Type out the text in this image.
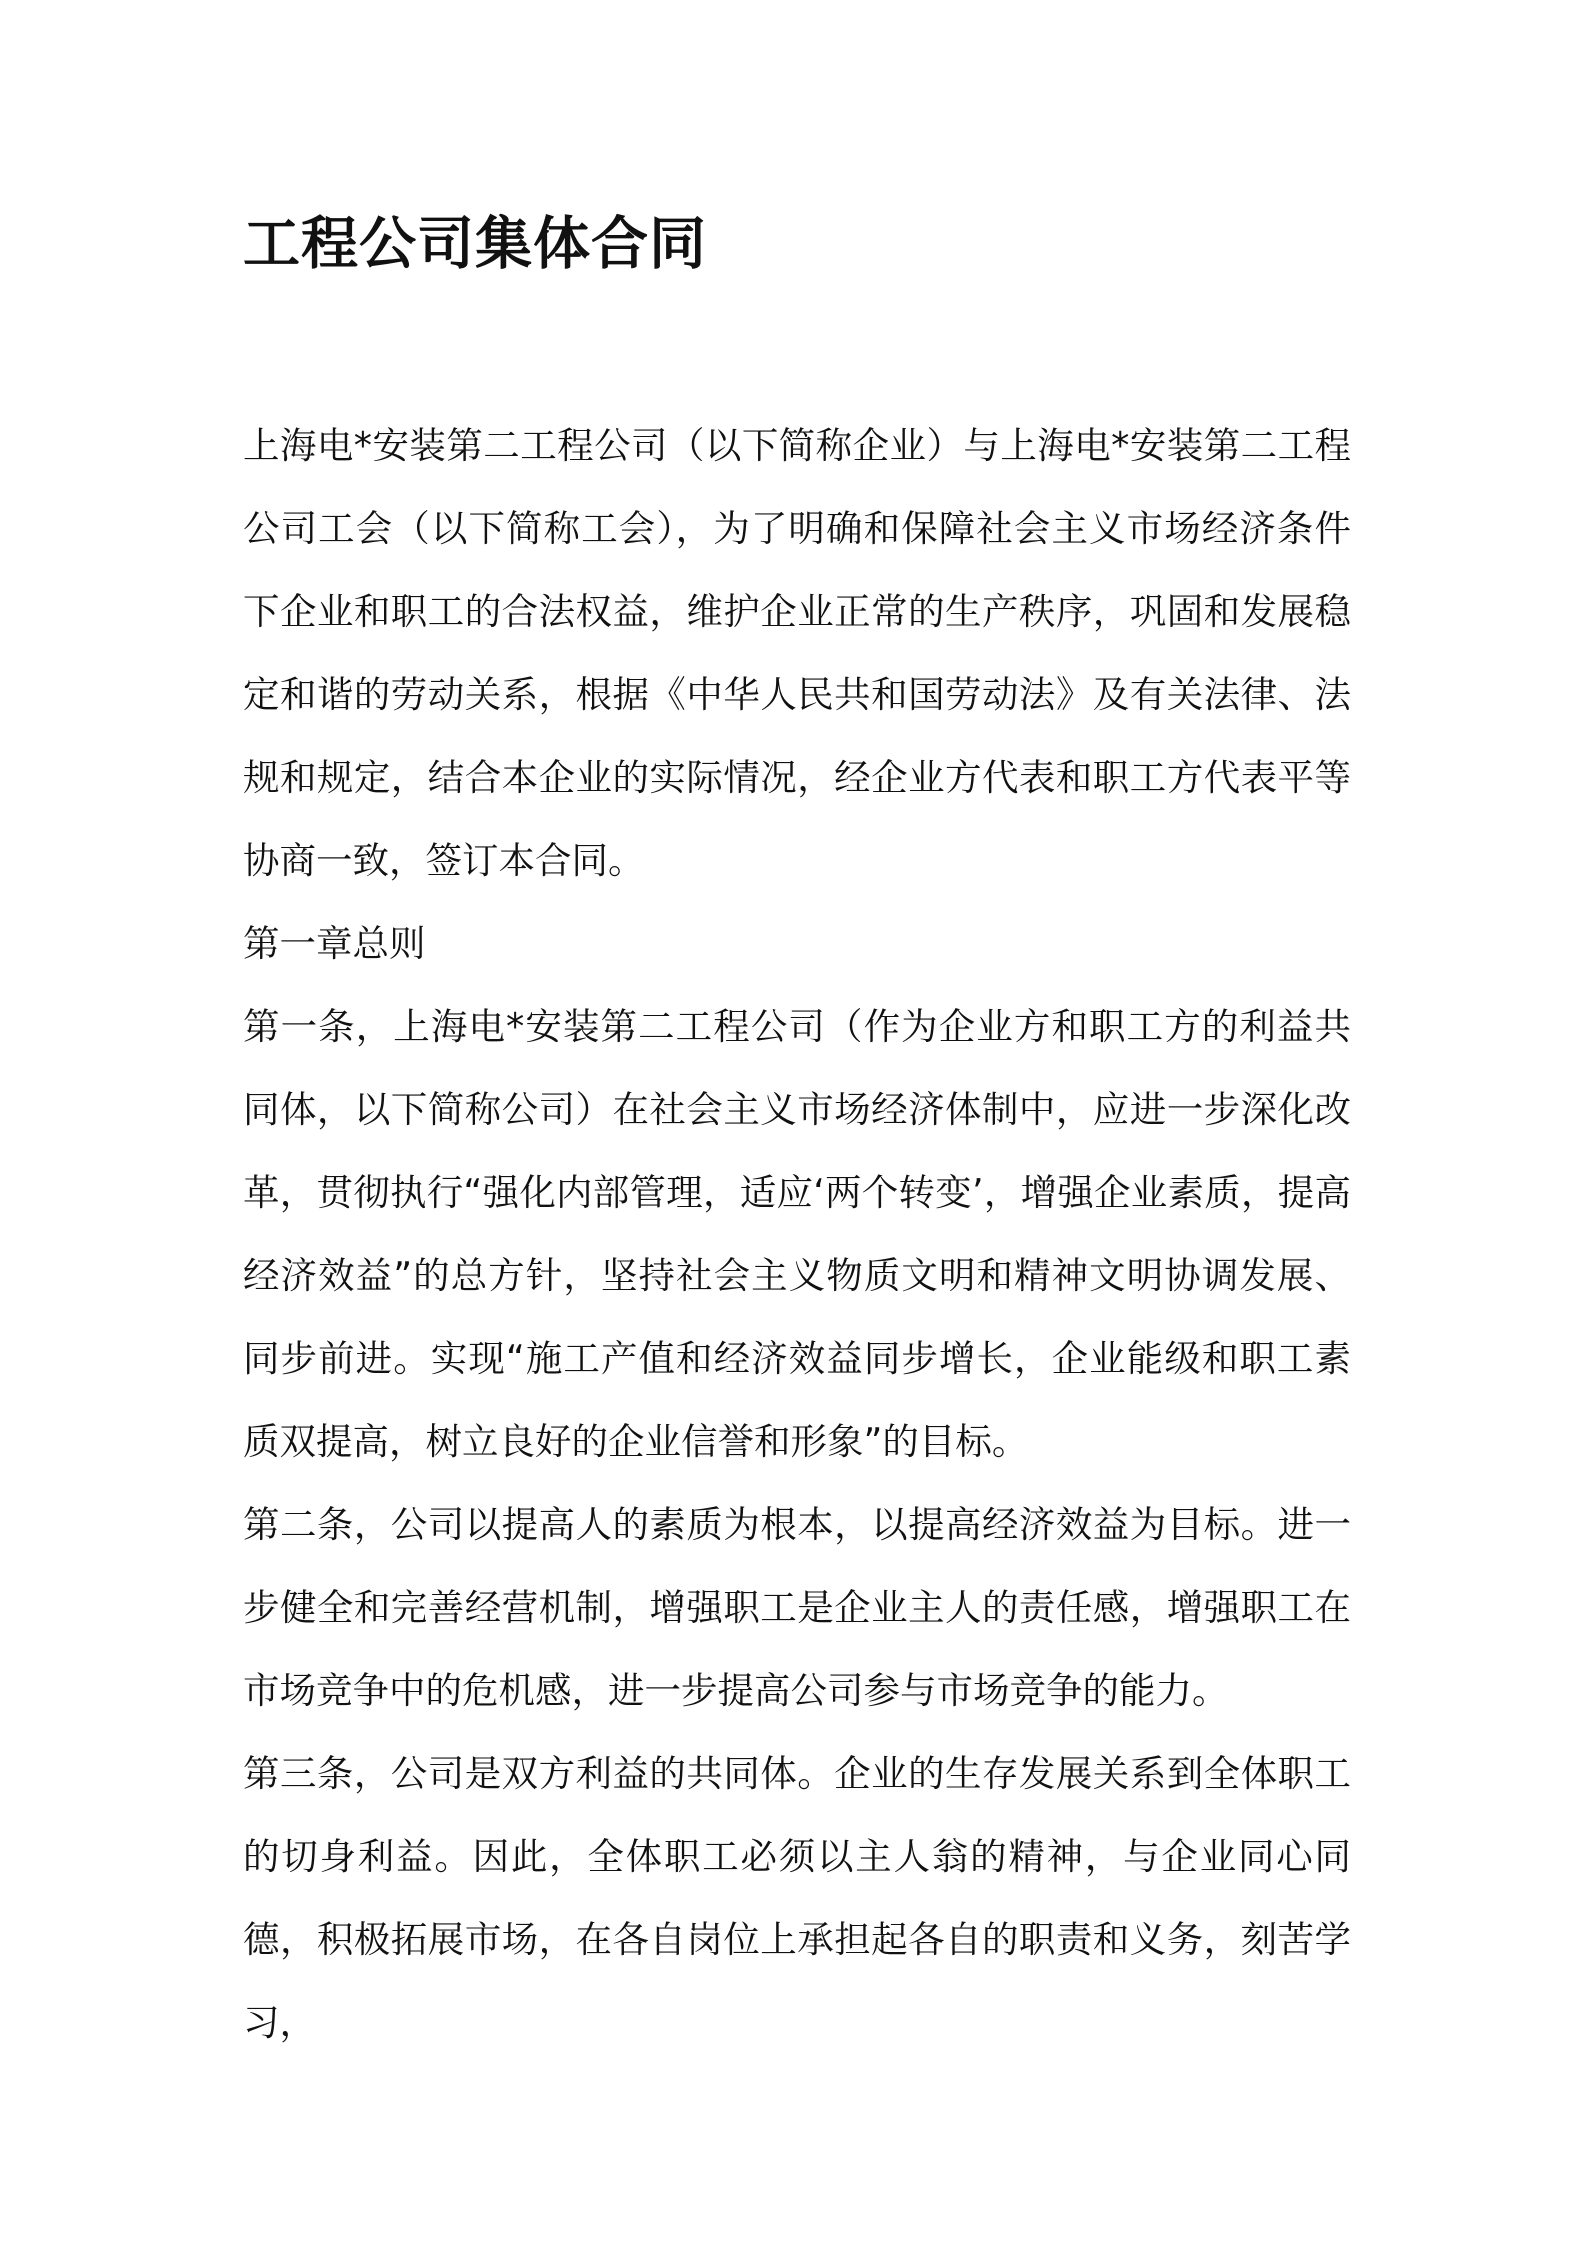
工程公司集体合同

上海电*安装第二工程公司（以下简称企业）与上海电*安装第二工程公司工会（以下简称工会），为了明确和保障社会主义市场经济条件下企业和职工的合法权益，维护企业正常的生产秩序，巩固和发展稳定和谐的劳动关系，根据《中华人民共和国劳动法》及有关法律、法规和规定，结合本企业的实际情况，经企业方代表和职工方代表平等协商一致，签订本合同。

第一章总则

第一条，上海电*安装第二工程公司（作为企业方和职工方的利益共同体，以下简称公司）在社会主义市场经济体制中，应进一步深化改革，贯彻执行“强化内部管理，适应‘两个转变’，增强企业素质，提高经济效益”的总方针，坚持社会主义物质文明和精神文明协调发展、同步前进。实现“施工产值和经济效益同步增长，企业能级和职工素质双提高，树立良好的企业信誉和形象”的目标。

第二条，公司以提高人的素质为根本，以提高经济效益为目标。进一步健全和完善经营机制，增强职工是企业主人的责任感，增强职工在市场竞争中的危机感，进一步提高公司参与市场竞争的能力。

第三条，公司是双方利益的共同体。企业的生存发展关系到全体职工的切身利益。因此，全体职工必须以主人翁的精神，与企业同心同德，积极拓展市场，在各自岗位上承担起各自的职责和义务，刻苦学习，
